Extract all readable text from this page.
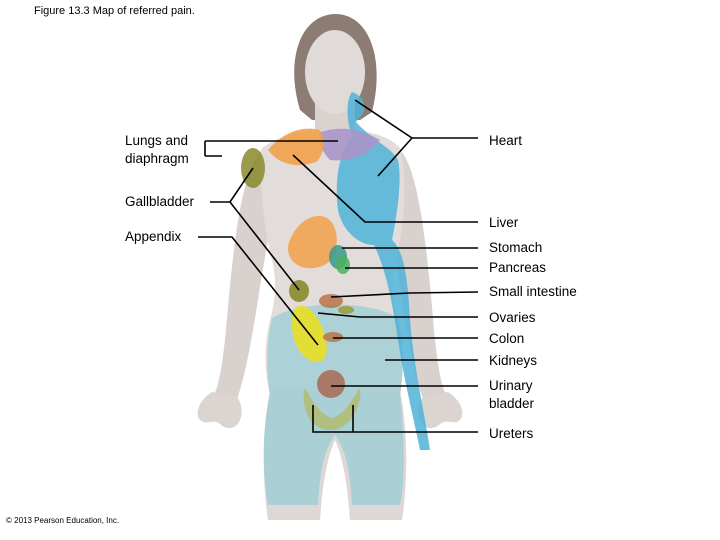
Figure 13.3 Map of referred pain.
Lungs and
diaphragm
Gallbladder
Appendix
Heart
Liver
Stomach
Pancreas
Small intestine
Ovaries
Colon
Kidneys
Urinary
bladder
Ureters
© 2013 Pearson Education, Inc.
